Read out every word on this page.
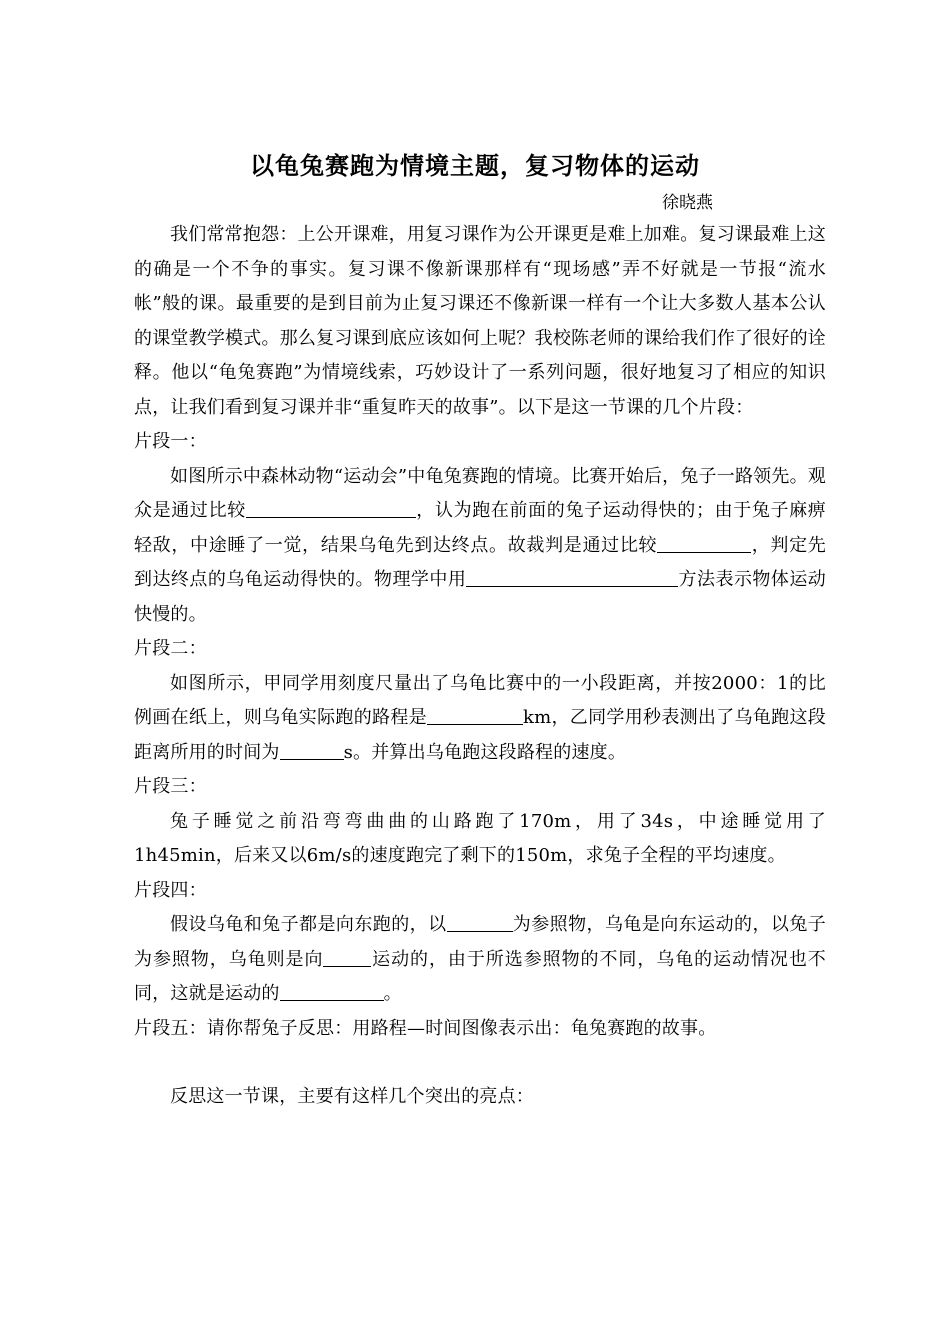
以龟兔赛跑为情境主题，复习物体的运动
徐晓燕

我们常常抱怨：上公开课难，用复习课作为公开课更是难上加难。复习课最难上这的确是一个不争的事实。复习课不像新课那样有“现场感”弄不好就是一节报“流水帐”般的课。最重要的是到目前为止复习课还不像新课一样有一个让大多数人基本公认的课堂教学模式。那么复习课到底应该如何上呢？我校陈老师的课给我们作了很好的诠释。他以“龟兔赛跑”为情境线索，巧妙设计了一系列问题，很好地复习了相应的知识点，让我们看到复习课并非“重复昨天的故事”。以下是这一节课的几个片段：

片段一：

如图所示中森林动物“运动会”中龟兔赛跑的情境。比赛开始后，兔子一路领先。观众是通过比较	，认为跑在前面的兔子运动得快的；由于兔子麻痹轻敌，中途睡了一觉，结果乌龟先到达终点。故裁判是通过比较	，判定先到达终点的乌龟运动得快的。物理学中用	方法表示物体运动快慢的。

片段二：

如图所示，甲同学用刻度尺量出了乌龟比赛中的一小段距离，并按2000：1的比例画在纸上，则乌龟实际跑的路程是	km，乙同学用秒表测出了乌龟跑这段距离所用的时间为	s。并算出乌龟跑这段路程的速度。

片段三：

兔子睡觉之前沿弯弯曲曲的山路跑了170m，用了34s，中途睡觉用了1h45min，后来又以6m/s的速度跑完了剩下的150m，求兔子全程的平均速度。

片段四：

假设乌龟和兔子都是向东跑的，以	为参照物，乌龟是向东运动的，以兔子为参照物，乌龟则是向	运动的，由于所选参照物的不同，乌龟的运动情况也不同，这就是运动的	。

片段五：请你帮兔子反思：用路程—时间图像表示出：龟兔赛跑的故事。

反思这一节课，主要有这样几个突出的亮点：
